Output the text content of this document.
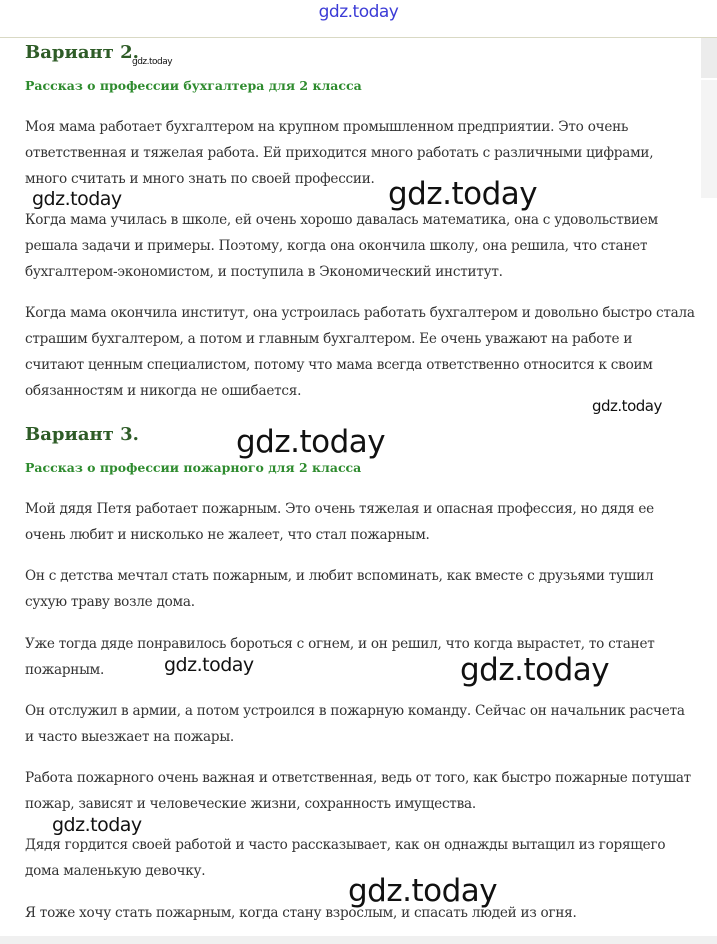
gdz.today
Вариант 2.
Рассказ о профессии бухгалтера для 2 класса

Моя мама работает бухгалтером на крупном промышленном предприятии. Это очень ответственная и тяжелая работа. Ей приходится много работать с различными цифрами, много считать и много знать по своей профессии.

Когда мама училась в школе, ей очень хорошо давалась математика, она с удовольствием решала задачи и примеры. Поэтому, когда она окончила школу, она решила, что станет бухгалтером-экономистом, и поступила в Экономический институт.

Когда мама окончила институт, она устроилась работать бухгалтером и довольно быстро стала страшим бухгалтером, а потом и главным бухгалтером. Ее очень уважают на работе и считают ценным специалистом, потому что мама всегда ответственно относится к своим обязанностям и никогда не ошибается.

Вариант 3.
Рассказ о профессии пожарного для 2 класса

Мой дядя Петя работает пожарным. Это очень тяжелая и опасная профессия, но дядя ее очень любит и нисколько не жалеет, что стал пожарным.

Он с детства мечтал стать пожарным, и любит вспоминать, как вместе с друзьями тушил сухую траву возле дома.

Уже тогда дяде понравилось бороться с огнем, и он решил, что когда вырастет, то станет пожарным.

Он отслужил в армии, а потом устроился в пожарную команду. Сейчас он начальник расчета и часто выезжает на пожары.

Работа пожарного очень важная и ответственная, ведь от того, как быстро пожарные потушат пожар, зависят и человеческие жизни, сохранность имущества.

Дядя гордится своей работой и часто рассказывает, как он однажды вытащил из горящего дома маленькую девочку.

Я тоже хочу стать пожарным, когда стану взрослым, и спасать людей из огня.

gdz.today
gdz.today	gdz.today
gdz.today
gdz.today
gdz.today	gdz.today
gdz.today
gdz.today
